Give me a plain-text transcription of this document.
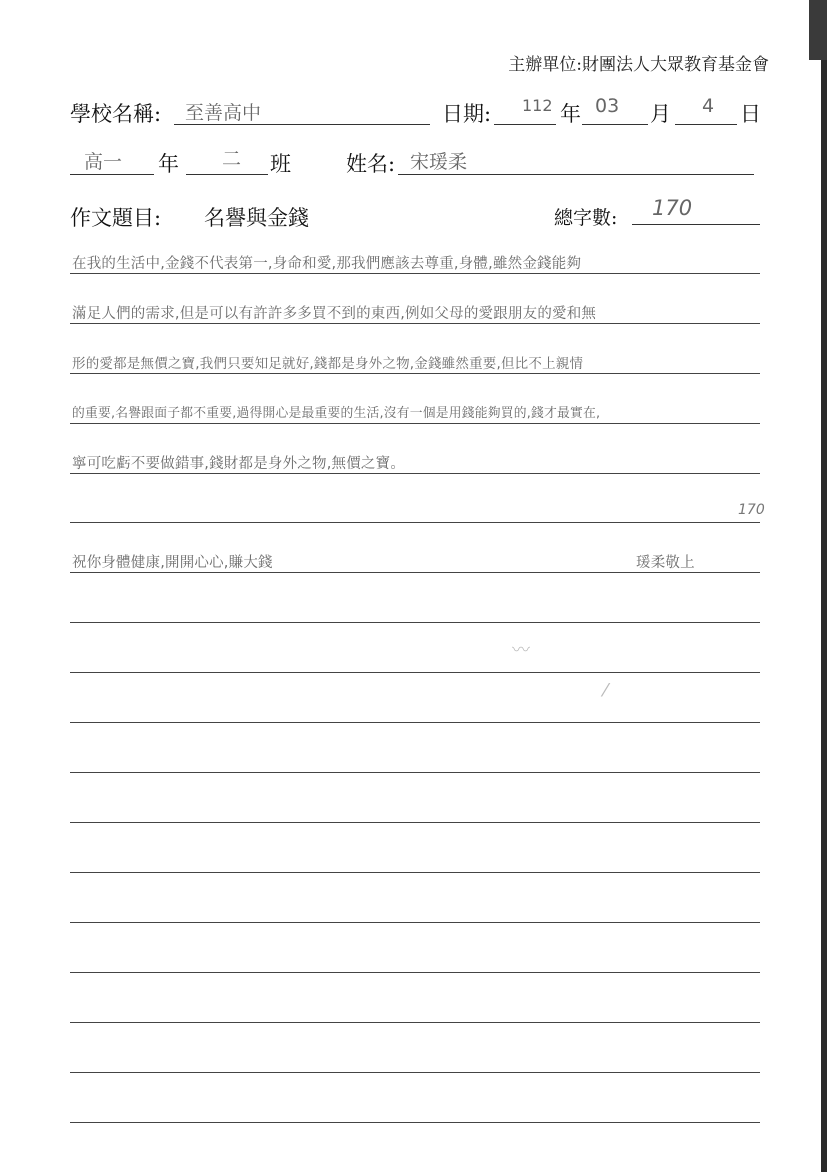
主辦單位:財團法人大眾教育基金會
學校名稱: 至善高中	日期: 112 年 03 月 4 日
高一 年 二 班	姓名: 宋瑗柔
作文題目: 名譽與金錢	總字數: 170
在我的生活中,金錢不代表第一,身命和愛,那我們應該去尊重,身體,雖然金錢能夠
滿足人們的需求,但是可以有許許多多買不到的東西,例如父母的愛跟朋友的愛和無
形的愛都是無價之寶,我們只要知足就好,錢都是身外之物,金錢雖然重要,但比不上親情
的重要,名譽跟面子都不重要,過得開心是最重要的生活,沒有一個是用錢能夠買的,錢才最實在,
寧可吃虧不要做錯事,錢財都是身外之物,無價之寶。
170
祝你身體健康,開開心心,賺大錢	瑗柔敬上
〰
⁄
